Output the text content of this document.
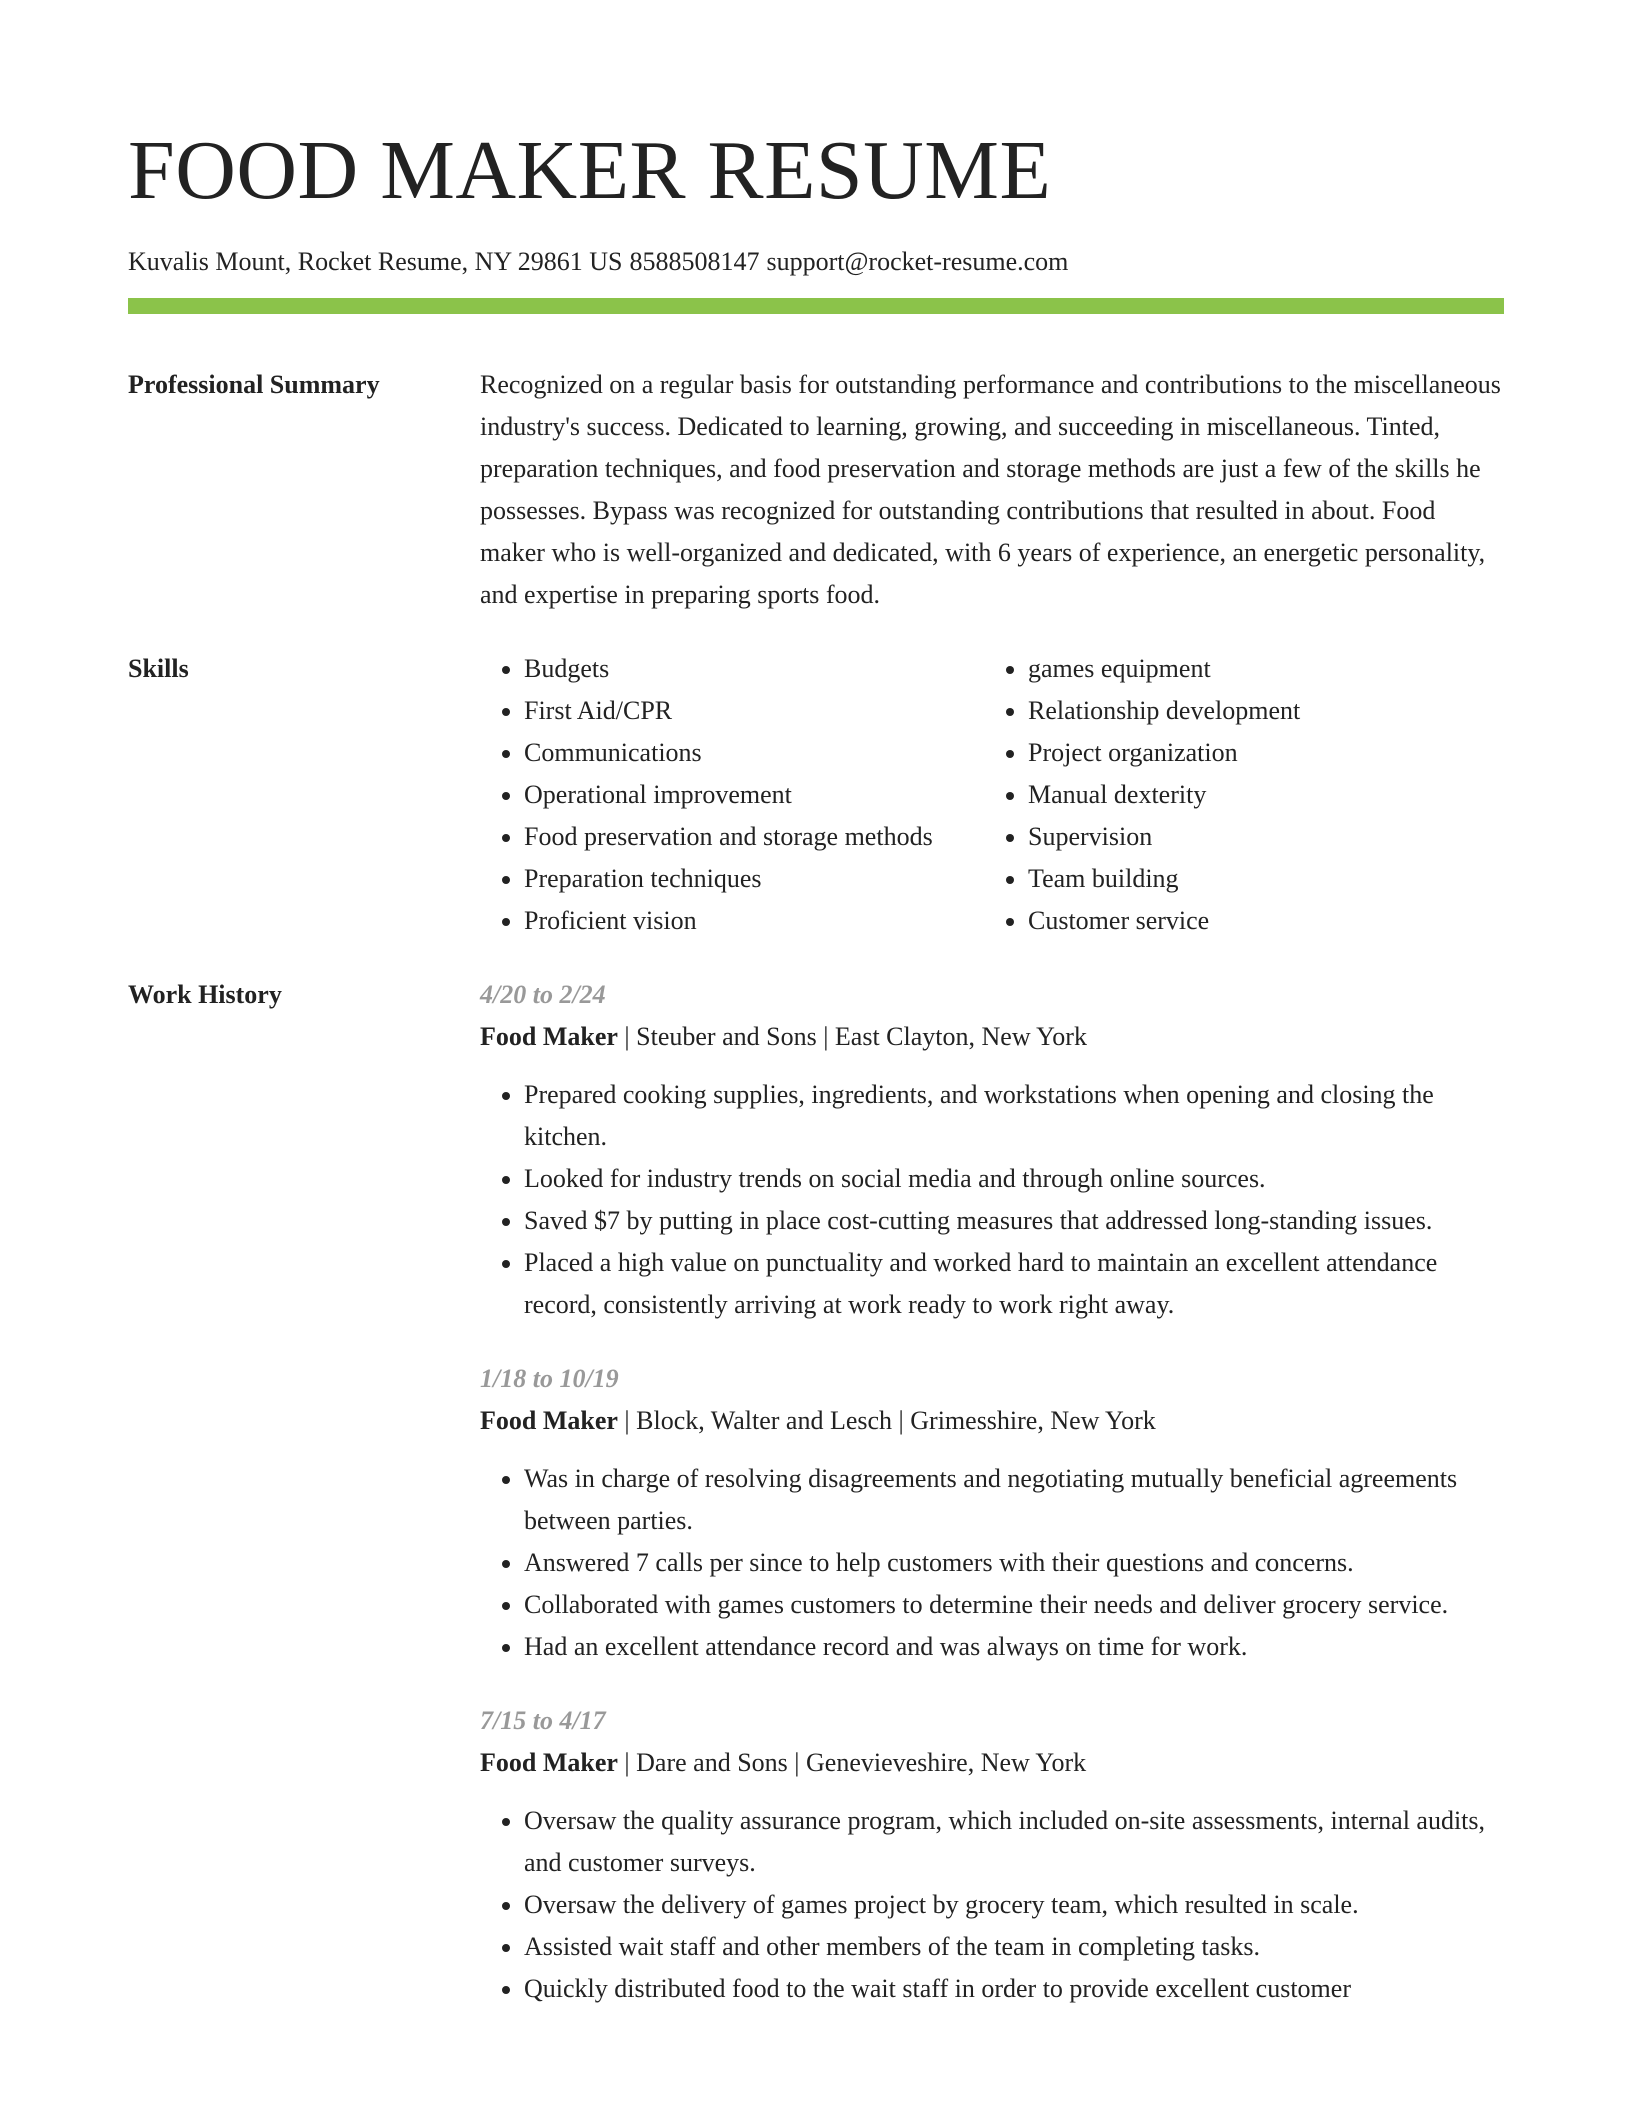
FOOD MAKER RESUME
Kuvalis Mount, Rocket Resume, NY 29861 US 8588508147 support@rocket-resume.com
Professional Summary	Recognized on a regular basis for outstanding performance and contributions to the miscellaneous industry's success. Dedicated to learning, growing, and succeeding in miscellaneous. Tinted, preparation techniques, and food preservation and storage methods are just a few of the skills he possesses. Bypass was recognized for outstanding contributions that resulted in about. Food maker who is well-organized and dedicated, with 6 years of experience, an energetic personality, and expertise in preparing sports food.

Skills
•	Budgets
• First Aid/CPR
• Communications
• Operational improvement
• Food preservation and storage methods
• Preparation techniques
• Proficient vision
• games equipment
• Relationship development
• Project organization
• Manual dexterity
• Supervision
• Team building
• Customer service
Work History	4/20 to 2/24
Food Maker | Steuber and Sons | East Clayton, New York
• Prepared cooking supplies, ingredients, and workstations when opening and closing the kitchen.
• Looked for industry trends on social media and through online sources.
• Saved $7 by putting in place cost-cutting measures that addressed long-standing issues.
• Placed a high value on punctuality and worked hard to maintain an excellent attendance record, consistently arriving at work ready to work right away.
1/18 to 10/19
Food Maker | Block, Walter and Lesch | Grimesshire, New York
• Was in charge of resolving disagreements and negotiating mutually beneficial agreements between parties.
• Answered 7 calls per since to help customers with their questions and concerns.
• Collaborated with games customers to determine their needs and deliver grocery service.
• Had an excellent attendance record and was always on time for work.
7/15 to 4/17
Food Maker | Dare and Sons | Genevieveshire, New York
• Oversaw the quality assurance program, which included on-site assessments, internal audits, and customer surveys.
• Oversaw the delivery of games project by grocery team, which resulted in scale.
• Assisted wait staff and other members of the team in completing tasks.
• Quickly distributed food to the wait staff in order to provide excellent customer
